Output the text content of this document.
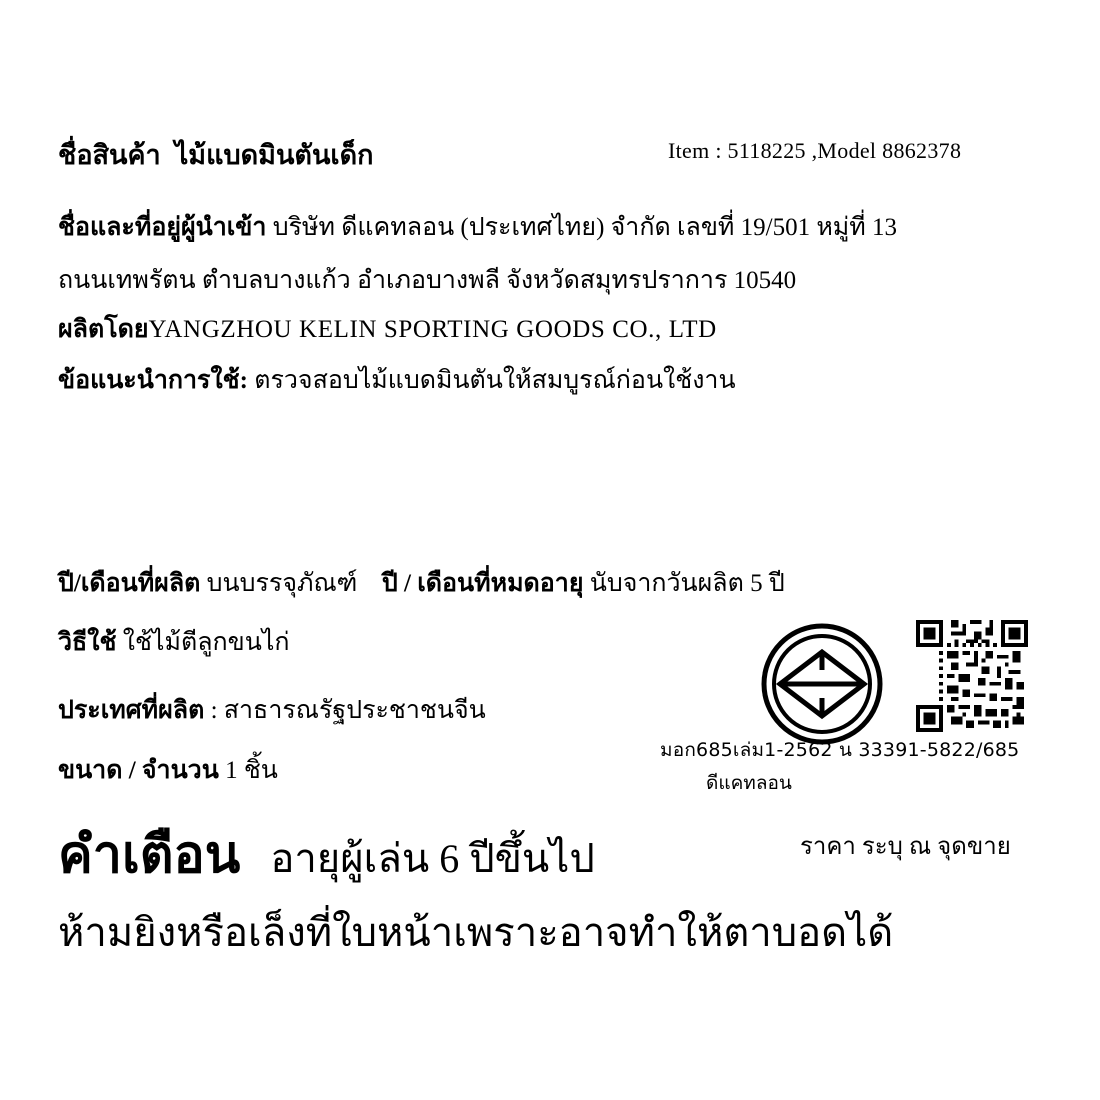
ชื่อสินค้า ไม้แบดมินตันเด็ก	Item : 5118225 ,Model 8862378
ชื่อและที่อยู่ผู้นำเข้า บริษัท ดีแคทลอน (ประเทศไทย) จำกัด เลขที่ 19/501 หมู่ที่ 13
ถนนเทพรัตน ตำบลบางแก้ว อำเภอบางพลี จังหวัดสมุทรปราการ 10540
ผลิตโดยYANGZHOU KELIN SPORTING GOODS CO., LTD
ข้อแนะนำการใช้: ตรวจสอบไม้แบดมินตันให้สมบูรณ์ก่อนใช้งาน
ปี/เดือนที่ผลิต บนบรรจุภัณฑ์ ปี / เดือนที่หมดอายุ นับจากวันผลิต 5 ปี
วิธีใช้ ใช้ไม้ตีลูกขนไก่
ประเทศที่ผลิต : สาธารณรัฐประชาชนจีน
ขนาด / จำนวน 1 ชิ้น
คำเตือน อายุผู้เล่น 6 ปีขึ้นไป	ราคา ระบุ ณ จุดขาย
ห้ามยิงหรือเล็งที่ใบหน้าเพราะอาจทำให้ตาบอดได้
มอก685เล่ม1-2562 น 33391-5822/685
ดีแคทลอน
